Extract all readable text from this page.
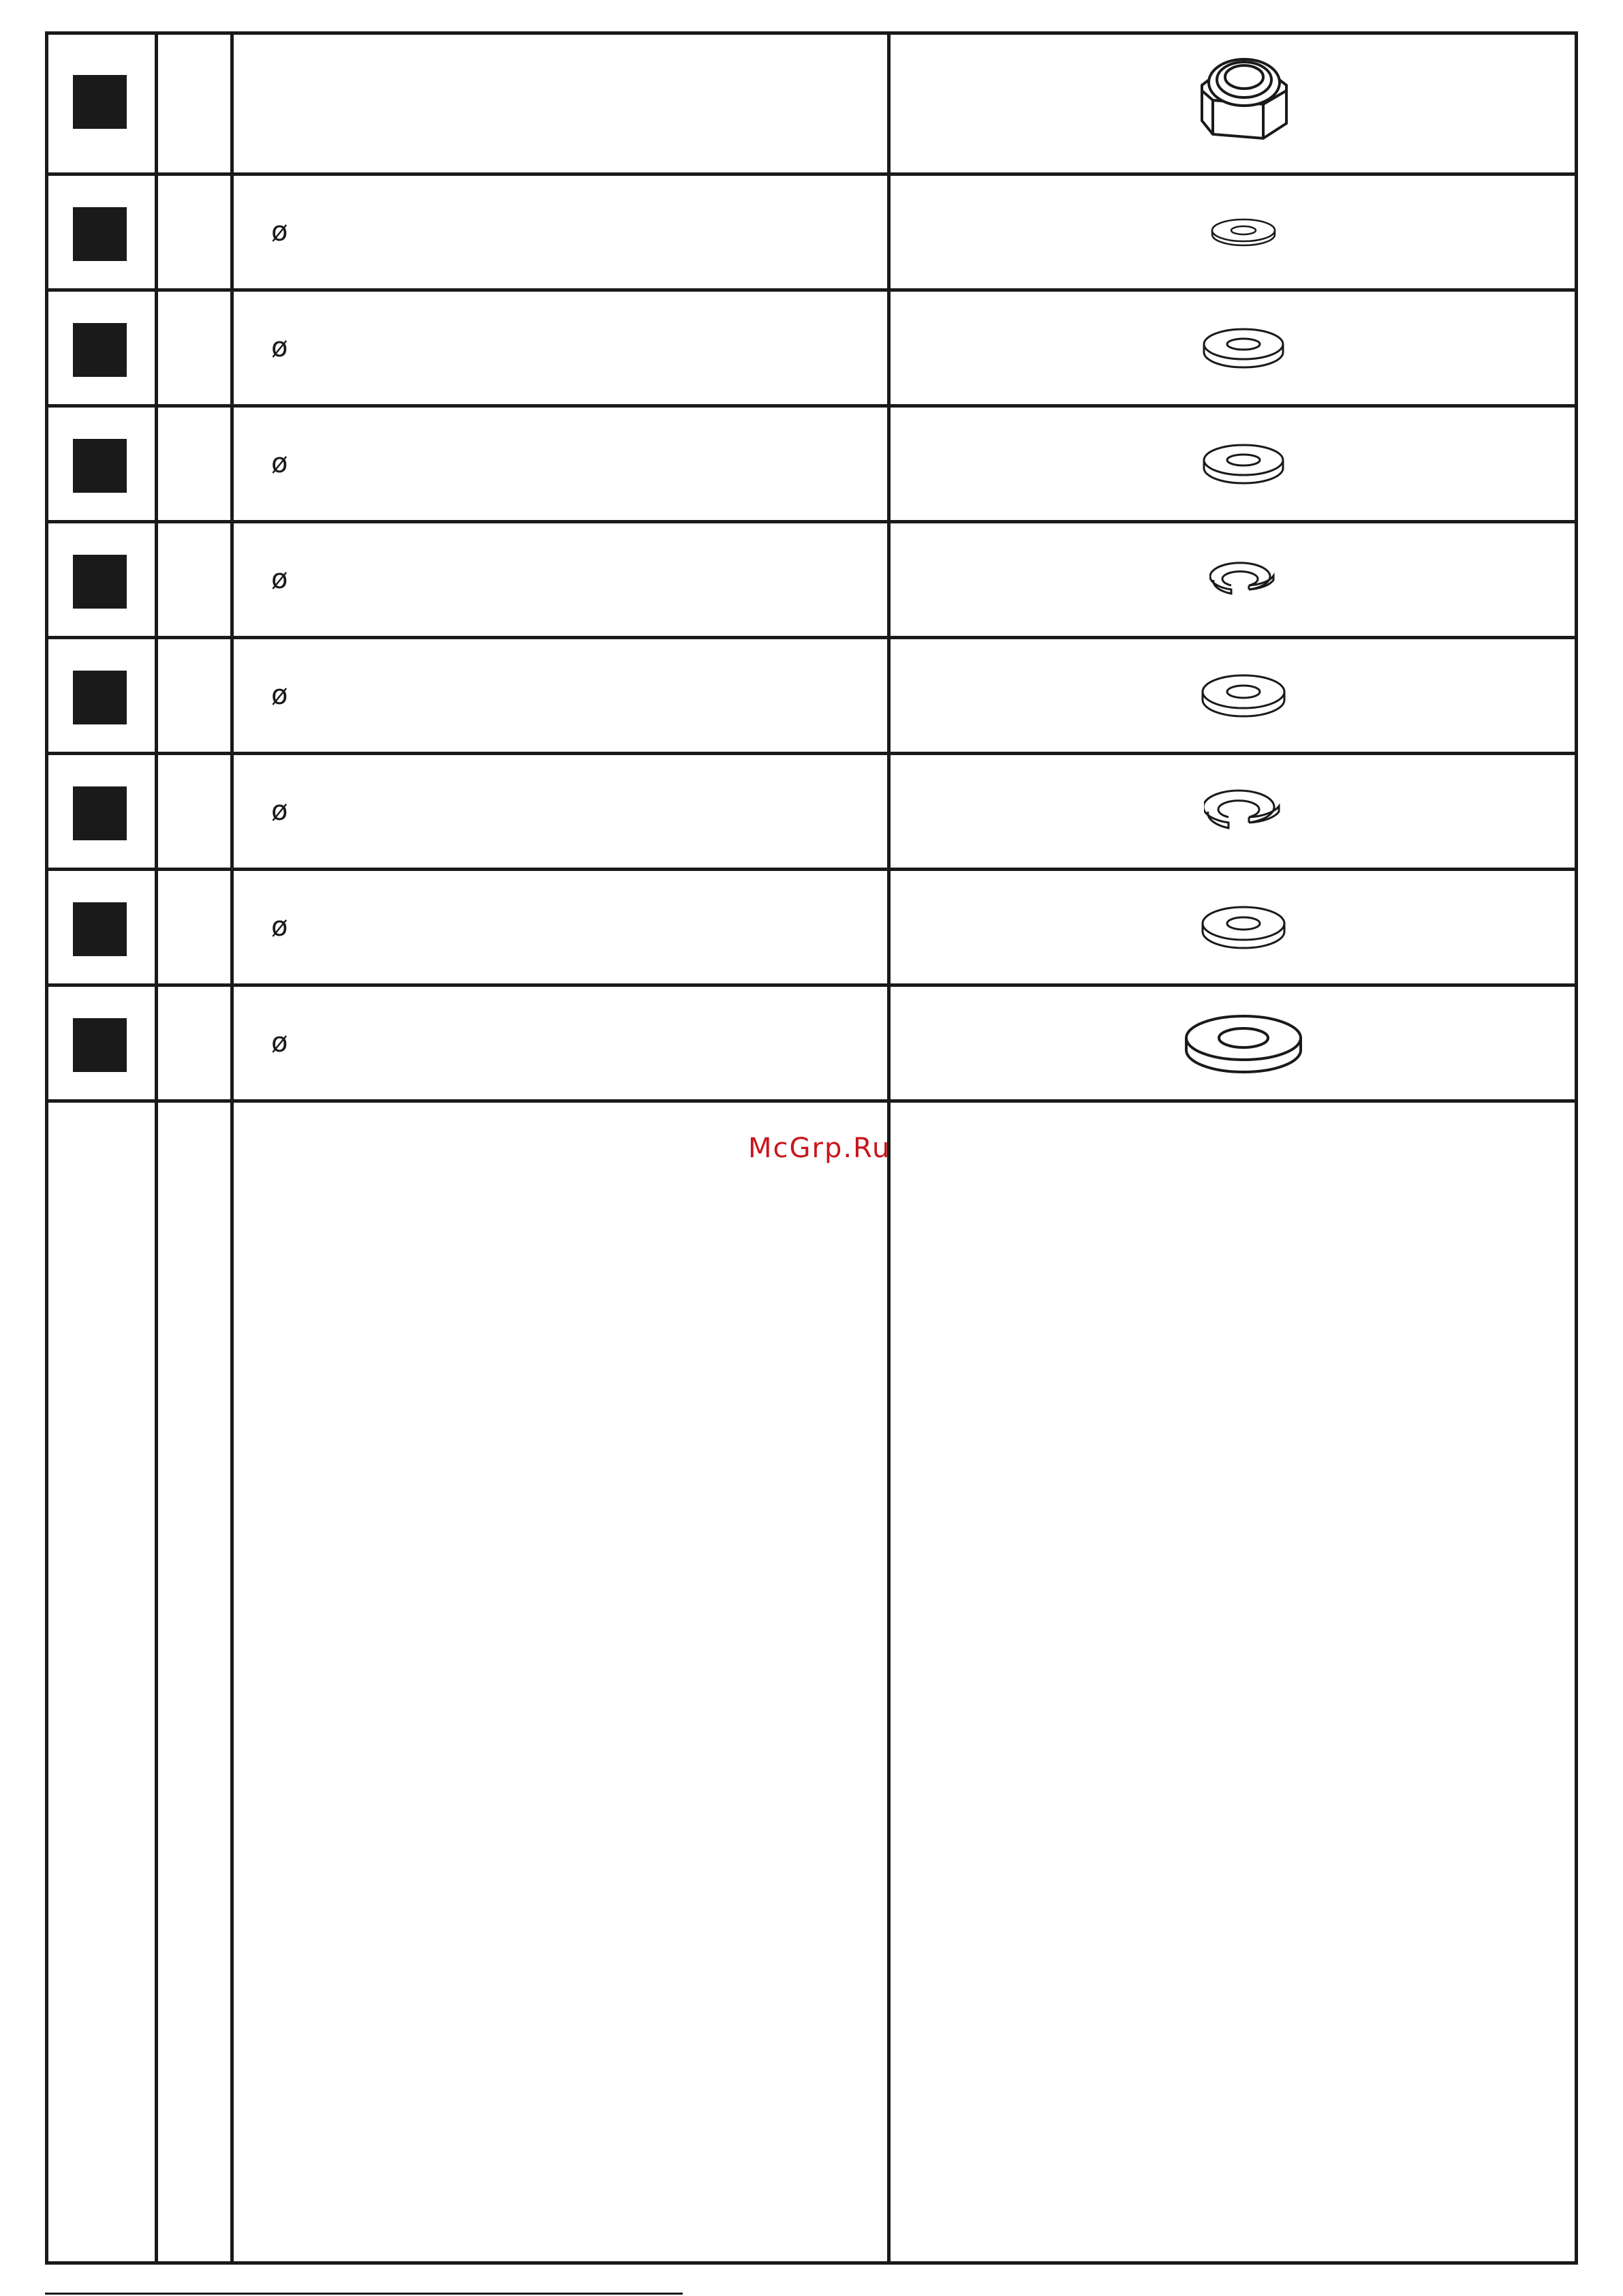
ø
ø
ø
ø
ø
ø
ø
ø
McGrp.Ru
